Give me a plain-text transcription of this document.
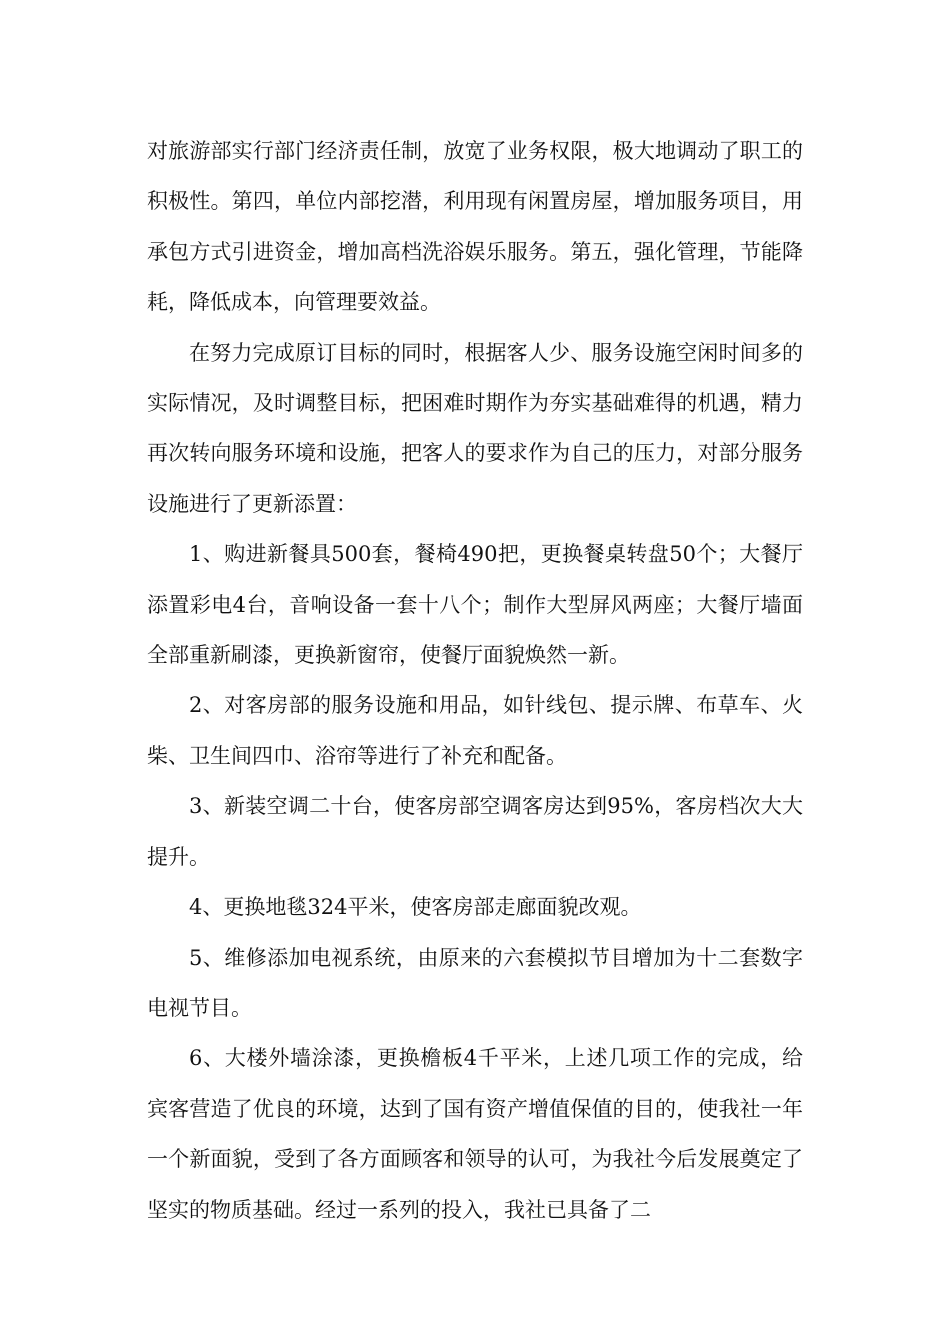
对旅游部实行部门经济责任制，放宽了业务权限，极大地调动了职工的积极性。第四，单位内部挖潜，利用现有闲置房屋，增加服务项目，用承包方式引进资金，增加高档洗浴娱乐服务。第五，强化管理，节能降耗，降低成本，向管理要效益。

在努力完成原订目标的同时，根据客人少、服务设施空闲时间多的实际情况，及时调整目标，把困难时期作为夯实基础难得的机遇，精力再次转向服务环境和设施，把客人的要求作为自己的压力，对部分服务设施进行了更新添置：

1、购进新餐具500套，餐椅490把，更换餐桌转盘50个；大餐厅添置彩电4台，音响设备一套十八个；制作大型屏风两座；大餐厅墙面全部重新刷漆，更换新窗帘，使餐厅面貌焕然一新。

2、对客房部的服务设施和用品，如针线包、提示牌、布草车、火柴、卫生间四巾、浴帘等进行了补充和配备。

3、新装空调二十台，使客房部空调客房达到95%，客房档次大大提升。

4、更换地毯324平米，使客房部走廊面貌改观。

5、维修添加电视系统，由原来的六套模拟节目增加为十二套数字电视节目。

6、大楼外墙涂漆，更换檐板4千平米，上述几项工作的完成，给宾客营造了优良的环境，达到了国有资产增值保值的目的，使我社一年一个新面貌，受到了各方面顾客和领导的认可，为我社今后发展奠定了坚实的物质基础。经过一系列的投入，我社已具备了二
